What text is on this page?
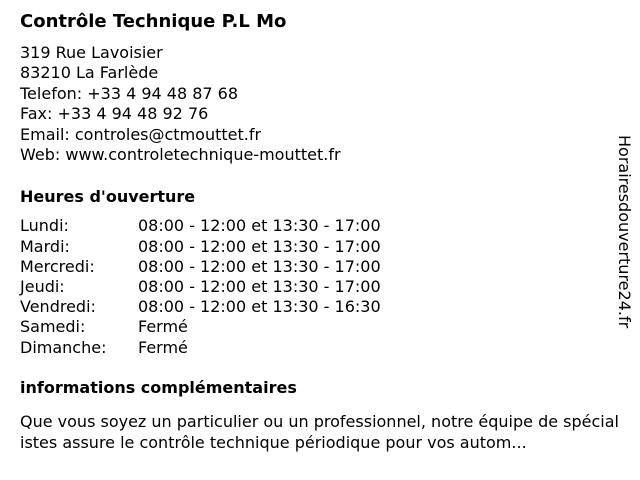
Contrôle Technique P.L Mo
319 Rue Lavoisier
83210 La Farlède
Telefon: +33 4 94 48 87 68
Fax: +33 4 94 48 92 76
Email: controles@ctmouttet.fr
Web: www.controletechnique-mouttet.fr
Heures d'ouverture
Lundi:	08:00 - 12:00 et 13:30 - 17:00
Mardi:	08:00 - 12:00 et 13:30 - 17:00
Mercredi:	08:00 - 12:00 et 13:30 - 17:00
Jeudi:	08:00 - 12:00 et 13:30 - 17:00
Vendredi:	08:00 - 12:00 et 13:30 - 16:30
Samedi:	Fermé
Dimanche:	Fermé
informations complémentaires
Que vous soyez un particulier ou un professionnel, notre équipe de spécialistes assure le contrôle technique périodique pour vos autom...
Horairesdouverture24.fr
